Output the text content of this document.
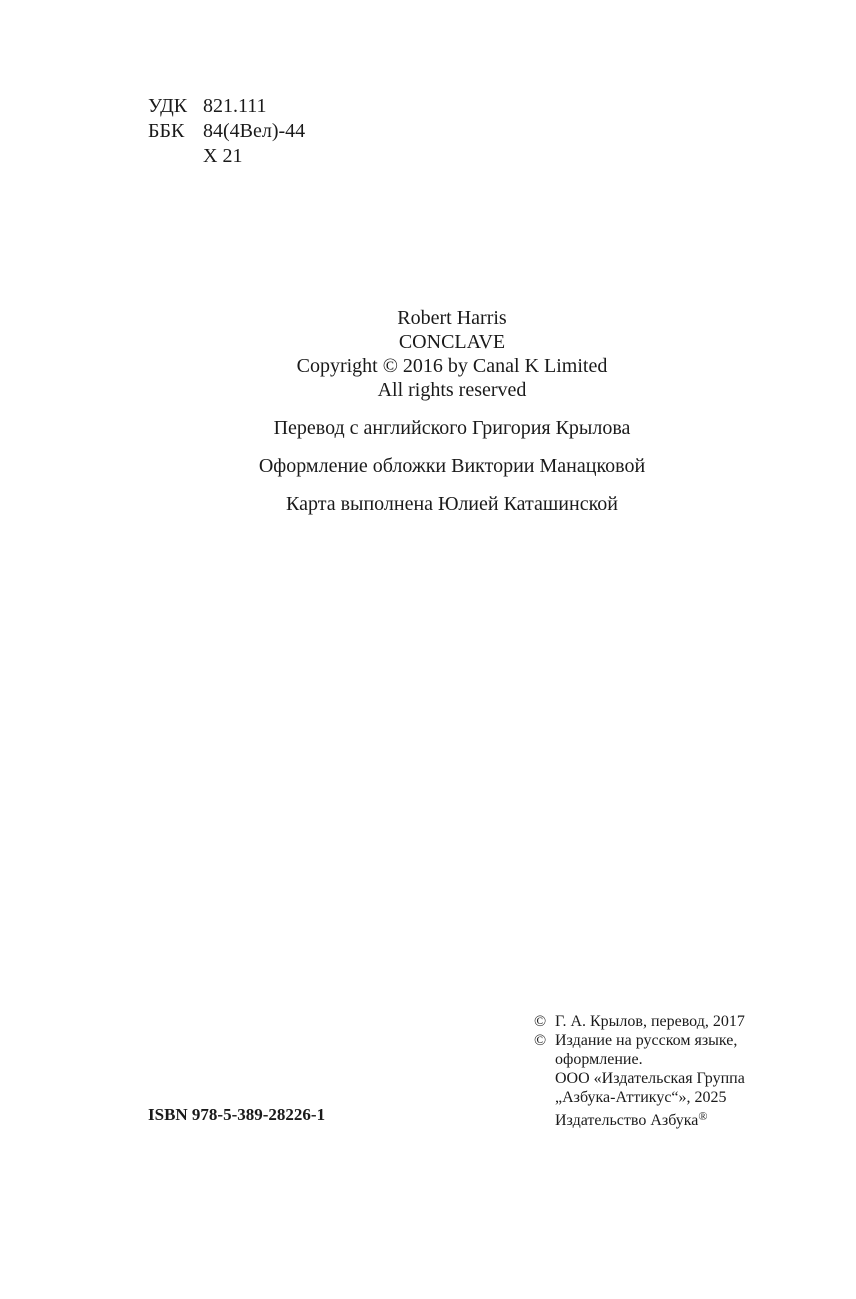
УДК 821.111
ББК 84(4Вел)-44
Х 21
Robert Harris
CONCLAVE
Copyright © 2016 by Canal K Limited
All rights reserved
Перевод с английского Григория Крылова
Оформление обложки Виктории Манацковой
Карта выполнена Юлией Каташинской
ISBN 978-5-389-28226-1
© Г. А. Крылов, перевод, 2017
© Издание на русском языке,
оформление.
ООО «Издательская Группа
„Азбука-Аттикус“», 2025
Издательство Азбука®
